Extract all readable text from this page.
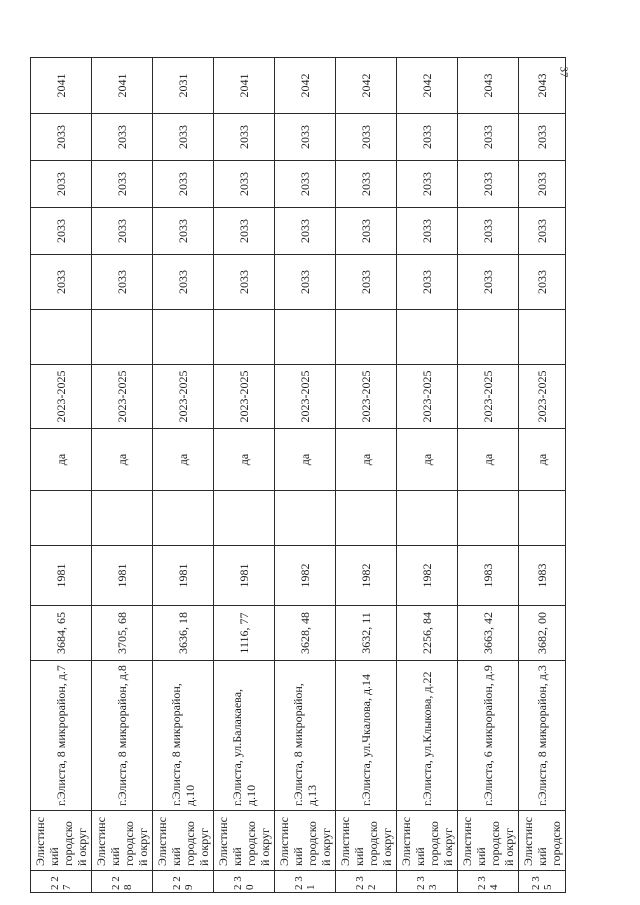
37
2 2 7	Элистинс кий городско й округ	г.Элиста, 8 микрорайон, д.7	3684, 65	1981		да	2023-2025		2033	2033	2033	2033	2041
2 2 8	Элистинс кий городско й округ	г.Элиста, 8 микрорайон, д.8	3705, 68	1981		да	2023-2025		2033	2033	2033	2033	2041
2 2 9	Элистинс кий городско й округ	г.Элиста, 8 микрорайон, д.10	3636, 18	1981		да	2023-2025		2033	2033	2033	2033	2031
2 3 0	Элистинс кий городско й округ	г.Элиста, ул.Балакаева, д.10	1116, 77	1981		да	2023-2025		2033	2033	2033	2033	2041
2 3 1	Элистинс кий городско й округ	г.Элиста, 8 микрорайон, д.13	3628, 48	1982		да	2023-2025		2033	2033	2033	2033	2042
2 3 2	Элистинс кий городско й округ	г.Элиста, ул.Чкалова, д.14	3632, 11	1982		да	2023-2025		2033	2033	2033	2033	2042
2 3 3	Элистинс кий городско й округ	г.Элиста, ул.Клыкова, д.22	2256, 84	1982		да	2023-2025		2033	2033	2033	2033	2042
2 3 4	Элистинс кий городско й округ	г.Элиста, 6 микрорайон, д.9	3663, 42	1983		да	2023-2025		2033	2033	2033	2033	2043
2 3 5	Элистинс кий городско	г.Элиста, 8 микрорайон, д.3	3682, 00	1983		да	2023-2025		2033	2033	2033	2033	2043
